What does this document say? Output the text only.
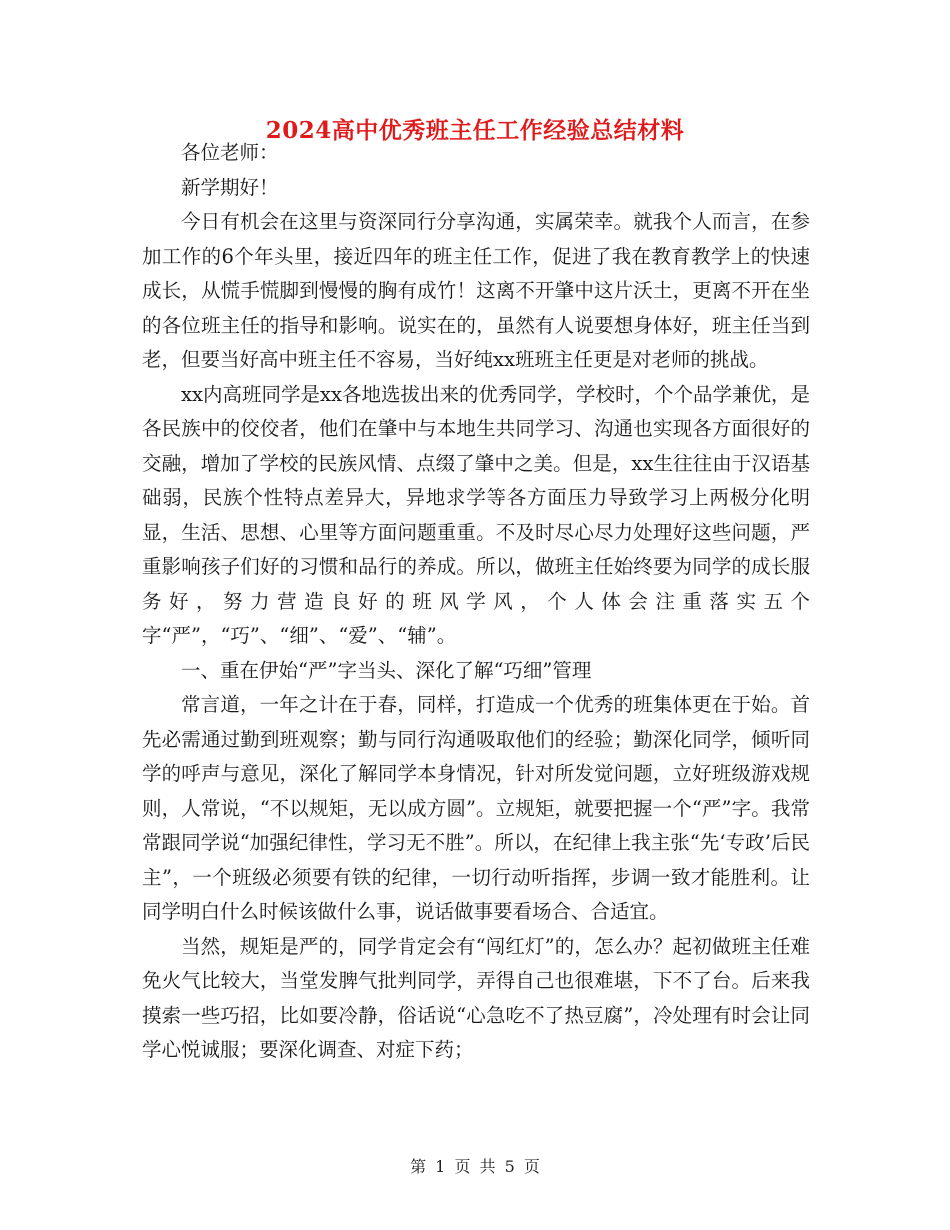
2024高中优秀班主任工作经验总结材料

各位老师：

新学期好！

今日有机会在这里与资深同行分享沟通，实属荣幸。就我个人而言，在参加工作的6个年头里，接近四年的班主任工作，促进了我在教育教学上的快速成长，从慌手慌脚到慢慢的胸有成竹！这离不开肇中这片沃土，更离不开在坐的各位班主任的指导和影响。说实在的，虽然有人说要想身体好，班主任当到老，但要当好高中班主任不容易，当好纯xx班班主任更是对老师的挑战。

xx内高班同学是xx各地选拔出来的优秀同学，学校时，个个品学兼优，是各民族中的佼佼者，他们在肇中与本地生共同学习、沟通也实现各方面很好的交融，增加了学校的民族风情、点缀了肇中之美。但是，xx生往往由于汉语基础弱，民族个性特点差异大，异地求学等各方面压力导致学习上两极分化明显，生活、思想、心里等方面问题重重。不及时尽心尽力处理好这些问题，严重影响孩子们好的习惯和品行的养成。所以，做班主任始终要为同学的成长服务好，努力营造良好的班风学风，个人体会注重落实五个字“严”，“巧”、“细”、“爱”、“辅”。

一、重在伊始“严”字当头、深化了解“巧细”管理

常言道，一年之计在于春，同样，打造成一个优秀的班集体更在于始。首先必需通过勤到班观察；勤与同行沟通吸取他们的经验；勤深化同学，倾听同学的呼声与意见，深化了解同学本身情况，针对所发觉问题，立好班级游戏规则，人常说，“不以规矩，无以成方圆”。立规矩，就要把握一个“严”字。我常常跟同学说“加强纪律性，学习无不胜”。所以，在纪律上我主张“先‘专政’后民主”，一个班级必须要有铁的纪律，一切行动听指挥，步调一致才能胜利。让同学明白什么时候该做什么事，说话做事要看场合、合适宜。

当然，规矩是严的，同学肯定会有“闯红灯”的，怎么办？起初做班主任难免火气比较大，当堂发脾气批判同学，弄得自己也很难堪，下不了台。后来我摸索一些巧招，比如要冷静，俗话说“心急吃不了热豆腐”，冷处理有时会让同学心悦诚服；要深化调查、对症下药；

第 1 页 共 5 页
